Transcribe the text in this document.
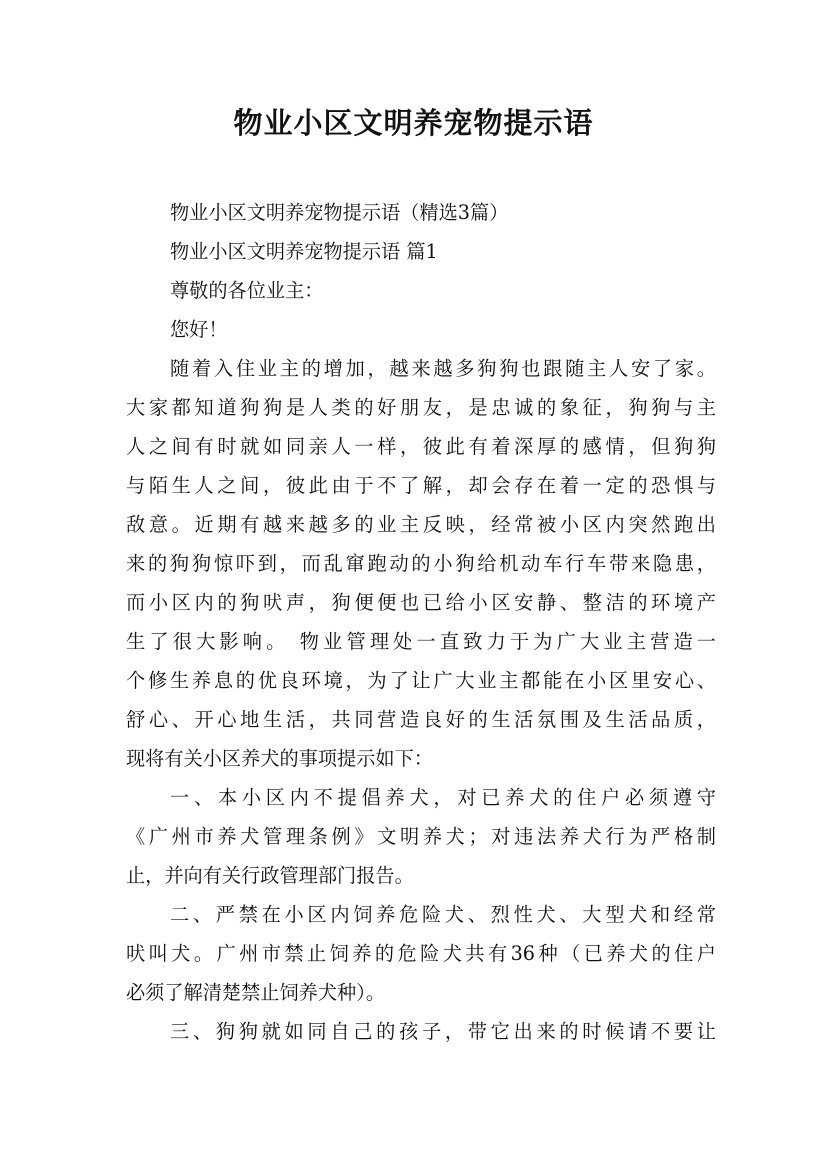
物业小区文明养宠物提示语
物业小区文明养宠物提示语（精选3篇）
物业小区文明养宠物提示语 篇1
尊敬的各位业主：
您好！
随着入住业主的增加，越来越多狗狗也跟随主人安了家。
大家都知道狗狗是人类的好朋友，是忠诚的象征，狗狗与主
人之间有时就如同亲人一样，彼此有着深厚的感情，但狗狗
与陌生人之间，彼此由于不了解，却会存在着一定的恐惧与
敌意。近期有越来越多的业主反映，经常被小区内突然跑出
来的狗狗惊吓到，而乱窜跑动的小狗给机动车行车带来隐患，
而小区内的狗吠声，狗便便也已给小区安静、整洁的环境产
生了很大影响。 物业管理处一直致力于为广大业主营造一
个修生养息的优良环境，为了让广大业主都能在小区里安心、
舒心、开心地生活，共同营造良好的生活氛围及生活品质，
现将有关小区养犬的事项提示如下：
一、本小区内不提倡养犬，对已养犬的住户必须遵守
《广州市养犬管理条例》文明养犬；对违法养犬行为严格制
止，并向有关行政管理部门报告。
二、严禁在小区内饲养危险犬、烈性犬、大型犬和经常
吠叫犬。广州市禁止饲养的危险犬共有36种（已养犬的住户
必须了解清楚禁止饲养犬种）。
三、狗狗就如同自己的孩子，带它出来的时候请不要让
